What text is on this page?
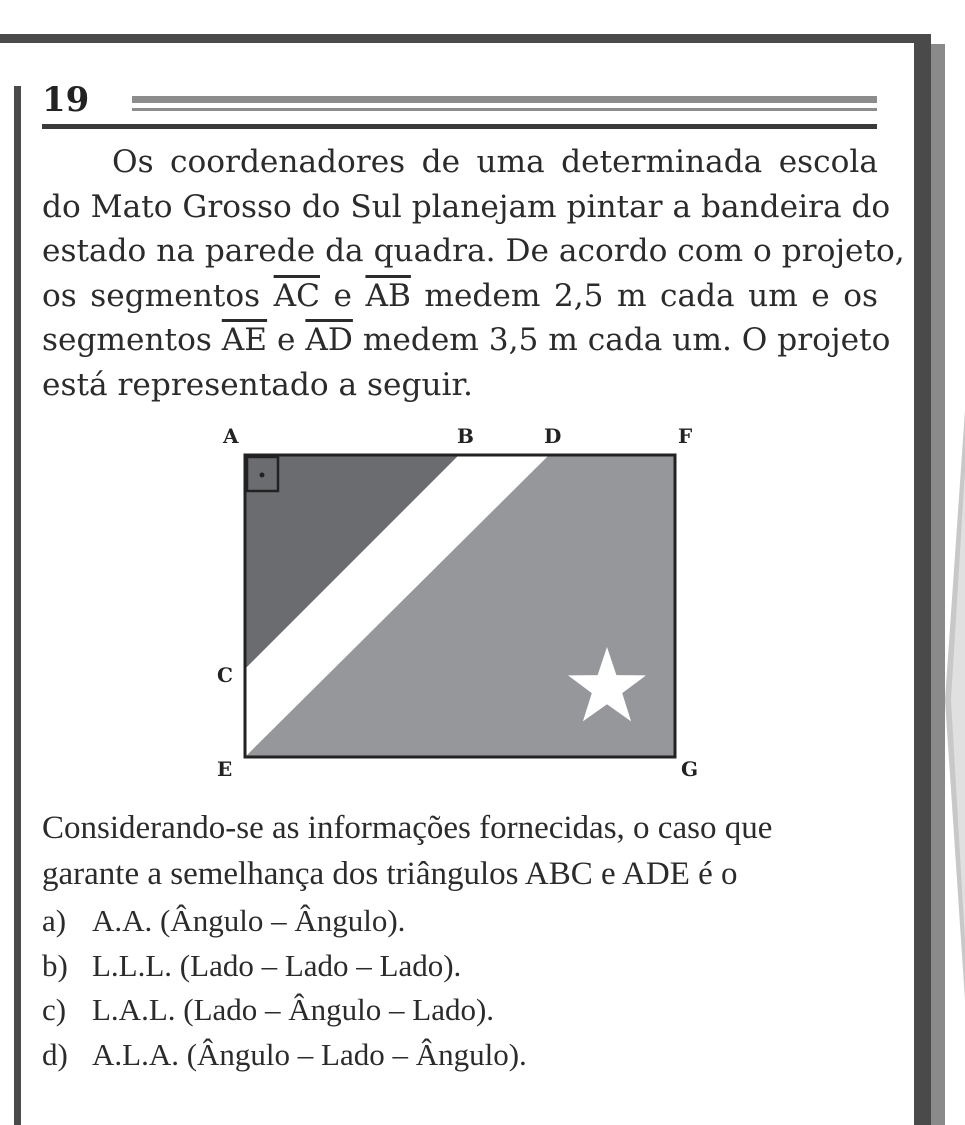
19
Os coordenadores de uma determinada escola
do Mato Grosso do Sul planejam pintar a bandeira do
estado na parede da quadra. De acordo com o projeto,
os segmentos $\overline{AC}$ e $\overline{AB}$ medem 2,5 m cada um e os
segmentos $\overline{AE}$ e $\overline{AD}$ medem 3,5 m cada um. O projeto
está representado a seguir.
A	B	D	F
C
E	G
Considerando-se as informações fornecidas, o caso que
garante a semelhança dos triângulos ABC e ADE é o
a) A.A. (Ângulo – Ângulo).
b) L.L.L. (Lado – Lado – Lado).
c) L.A.L. (Lado – Ângulo – Lado).
d) A.L.A. (Ângulo – Lado – Ângulo).
